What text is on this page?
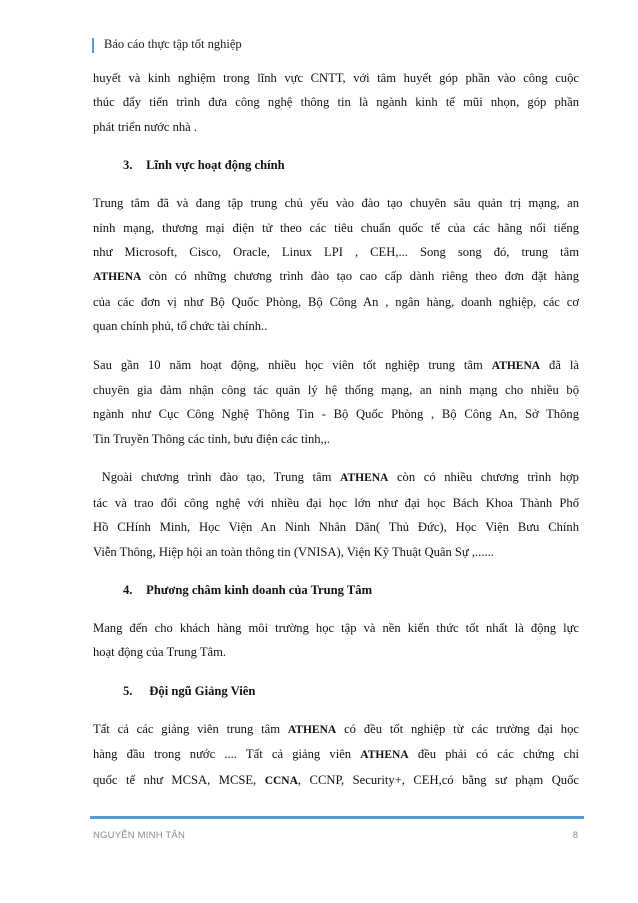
Báo cáo thực tập tốt nghiệp
huyết và kinh nghiệm trong lĩnh vực CNTT, với tâm huyết góp phần vào công cuộc
thúc đẩy tiến trình đưa công nghệ thông tin là ngành kinh tế mũi nhọn, góp phần
phát triển nước nhà .
3. Lĩnh vực hoạt động chính
Trung tâm đã và đang tập trung chủ yếu vào đào tạo chuyên sâu quản trị mạng, an
ninh mạng, thương mại điện tử theo các tiêu chuẩn quốc tế của các hãng nổi tiếng
như Microsoft, Cisco, Oracle, Linux LPI , CEH,... Song song đó, trung tâm
ATHENA còn có những chương trình đào tạo cao cấp dành riêng theo đơn đặt hàng
của các đơn vị như Bộ Quốc Phòng, Bộ Công An , ngân hàng, doanh nghiệp, các cơ
quan chính phủ, tổ chức tài chính..
Sau gần 10 năm hoạt động, nhiều học viên tốt nghiệp trung tâm ATHENA đã là
chuyên gia đảm nhận công tác quản lý hệ thống mạng, an ninh mạng cho nhiều bộ
ngành như Cục Công Nghệ Thông Tin - Bộ Quốc Phòng , Bộ Công An, Sở Thông
Tin Truyền Thông các tỉnh, bưu điện các tỉnh,,.
Ngoài chương trình đào tạo, Trung tâm ATHENA còn có nhiều chương trình hợp
tác và trao đổi công nghệ với nhiều đại học lớn như đại học Bách Khoa Thành Phố
Hồ CHính Minh, Học Viện An Ninh Nhân Dân( Thủ Đức), Học Viện Bưu Chính
Viễn Thông, Hiệp hội an toàn thông tin (VNISA), Viện Kỹ Thuật Quân Sự ,......
4. Phương châm kinh doanh của Trung Tâm
Mang đến cho khách hàng môi trường học tập và nền kiến thức tốt nhất là động lực
hoạt động của Trung Tâm.
5.  Đội ngũ Giảng Viên
Tất cả các giảng viên trung tâm ATHENA có đều tốt nghiệp từ các trường đại học
hàng đầu trong nước .... Tất cả giảng viên ATHENA đều phải có các chứng chỉ
quốc tế như MCSA, MCSE, CCNA, CCNP, Security+, CEH,có bằng sư phạm Quốc
NGUYỄN MINH TÂN	8
